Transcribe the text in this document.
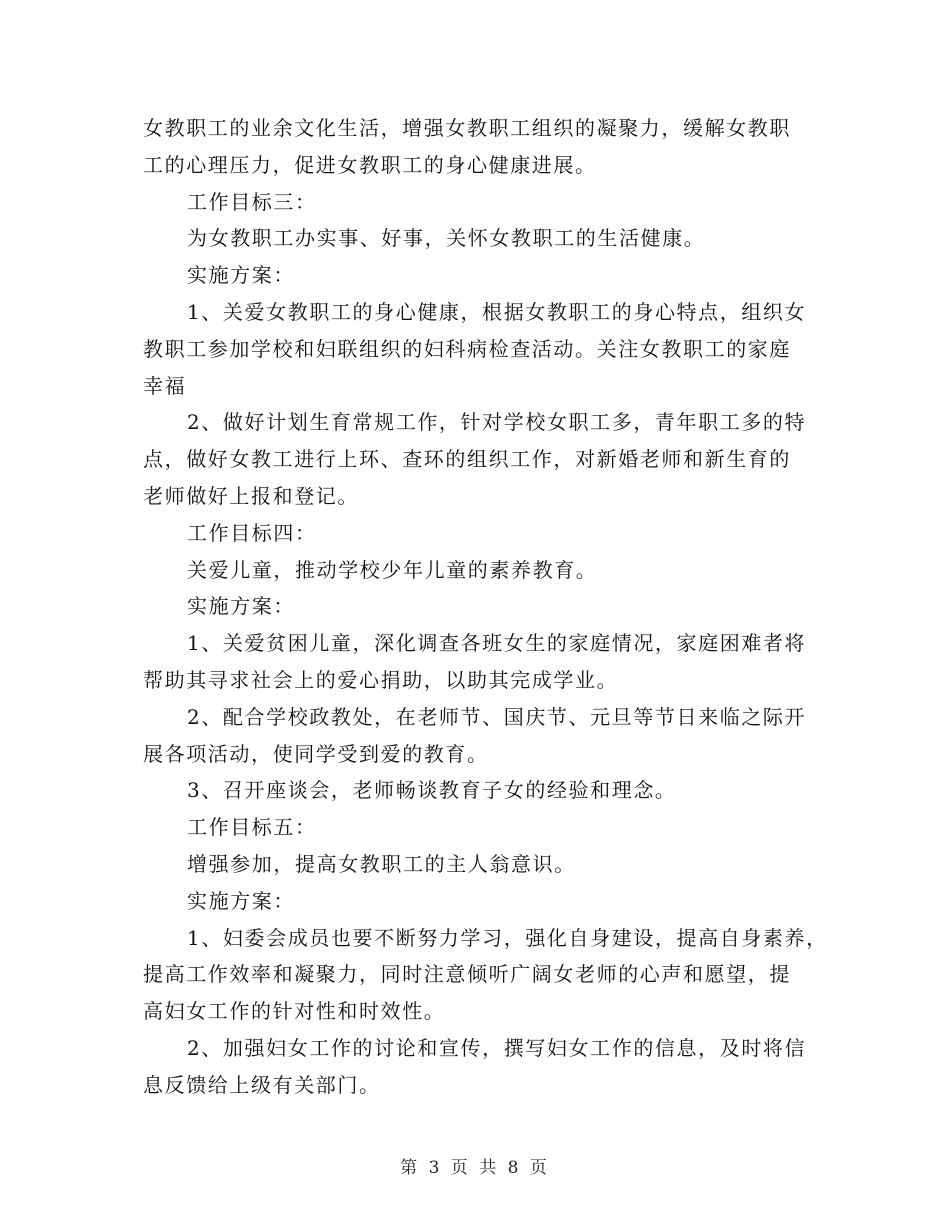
女教职工的业余文化生活，增强女教职工组织的凝聚力，缓解女教职
工的心理压力，促进女教职工的身心健康进展。
工作目标三：
为女教职工办实事、好事，关怀女教职工的生活健康。
实施方案：
1、关爱女教职工的身心健康，根据女教职工的身心特点，组织女
教职工参加学校和妇联组织的妇科病检查活动。关注女教职工的家庭
幸福
2、做好计划生育常规工作，针对学校女职工多，青年职工多的特
点，做好女教工进行上环、查环的组织工作，对新婚老师和新生育的
老师做好上报和登记。
工作目标四：
关爱儿童，推动学校少年儿童的素养教育。
实施方案：
1、关爱贫困儿童，深化调查各班女生的家庭情况，家庭困难者将
帮助其寻求社会上的爱心捐助，以助其完成学业。
2、配合学校政教处，在老师节、国庆节、元旦等节日来临之际开
展各项活动，使同学受到爱的教育。
3、召开座谈会，老师畅谈教育子女的经验和理念。
工作目标五：
增强参加，提高女教职工的主人翁意识。
实施方案：
1、妇委会成员也要不断努力学习，强化自身建设，提高自身素养，
提高工作效率和凝聚力，同时注意倾听广阔女老师的心声和愿望，提
高妇女工作的针对性和时效性。
2、加强妇女工作的讨论和宣传，撰写妇女工作的信息，及时将信
息反馈给上级有关部门。
第 3 页 共 8 页
